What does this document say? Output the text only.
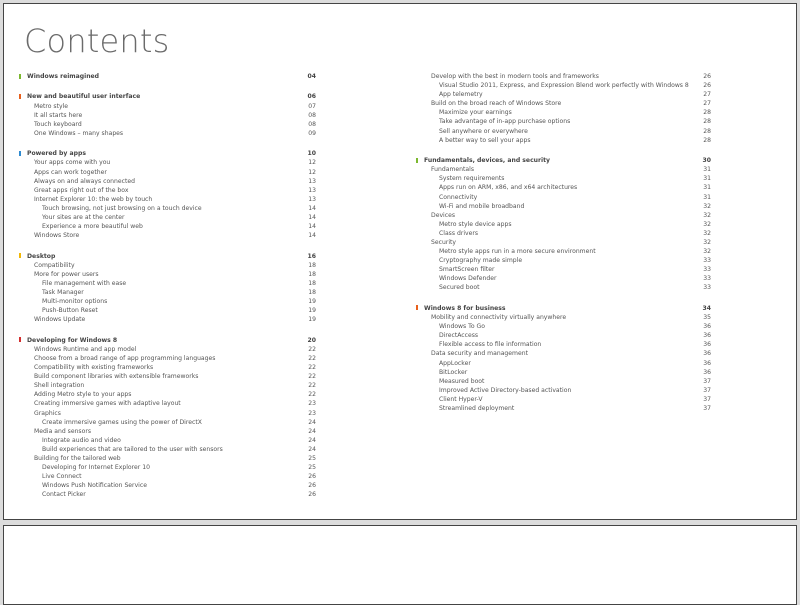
Contents
Windows reimagined	04
New and beautiful user interface	06
Metro style	07
It all starts here	08
Touch keyboard	08
One Windows – many shapes	09
Powered by apps	10
Your apps come with you	12
Apps can work together	12
Always on and always connected	13
Great apps right out of the box	13
Internet Explorer 10: the web by touch	13
Touch browsing, not just browsing on a touch device	14
Your sites are at the center	14
Experience a more beautiful web	14
Windows Store	14
Desktop	16
Compatibility	18
More for power users	18
File management with ease	18
Task Manager	18
Multi-monitor options	19
Push-Button Reset	19
Windows Update	19
Developing for Windows 8	20
Windows Runtime and app model	22
Choose from a broad range of app programming languages	22
Compatibility with existing frameworks	22
Build component libraries with extensible frameworks	22
Shell integration	22
Adding Metro style to your apps	22
Creating immersive games with adaptive layout	23
Graphics	23
Create immersive games using the power of DirectX	24
Media and sensors	24
Integrate audio and video	24
Build experiences that are tailored to the user with sensors	24
Building for the tailored web	25
Developing for Internet Explorer 10	25
Live Connect	26
Windows Push Notification Service	26
Contact Picker	26
Develop with the best in modern tools and frameworks	26
Visual Studio 2011, Express, and Expression Blend work perfectly with Windows 8 26
App telemetry	27
Build on the broad reach of Windows Store	27
Maximize your earnings	28
Take advantage of in-app purchase options	28
Sell anywhere or everywhere	28
A better way to sell your apps	28
Fundamentals, devices, and security	30
Fundamentals	31
System requirements	31
Apps run on ARM, x86, and x64 architectures	31
Connectivity	31
Wi-Fi and mobile broadband	32
Devices	32
Metro style device apps	32
Class drivers	32
Security	32
Metro style apps run in a more secure environment	32
Cryptography made simple	33
SmartScreen filter	33
Windows Defender	33
Secured boot	33
Windows 8 for business	34
Mobility and connectivity virtually anywhere	35
Windows To Go	36
DirectAccess	36
Flexible access to file information	36
Data security and management	36
AppLocker	36
BitLocker	36
Measured boot	37
Improved Active Directory-based activation	37
Client Hyper-V	37
Streamlined deployment	37
